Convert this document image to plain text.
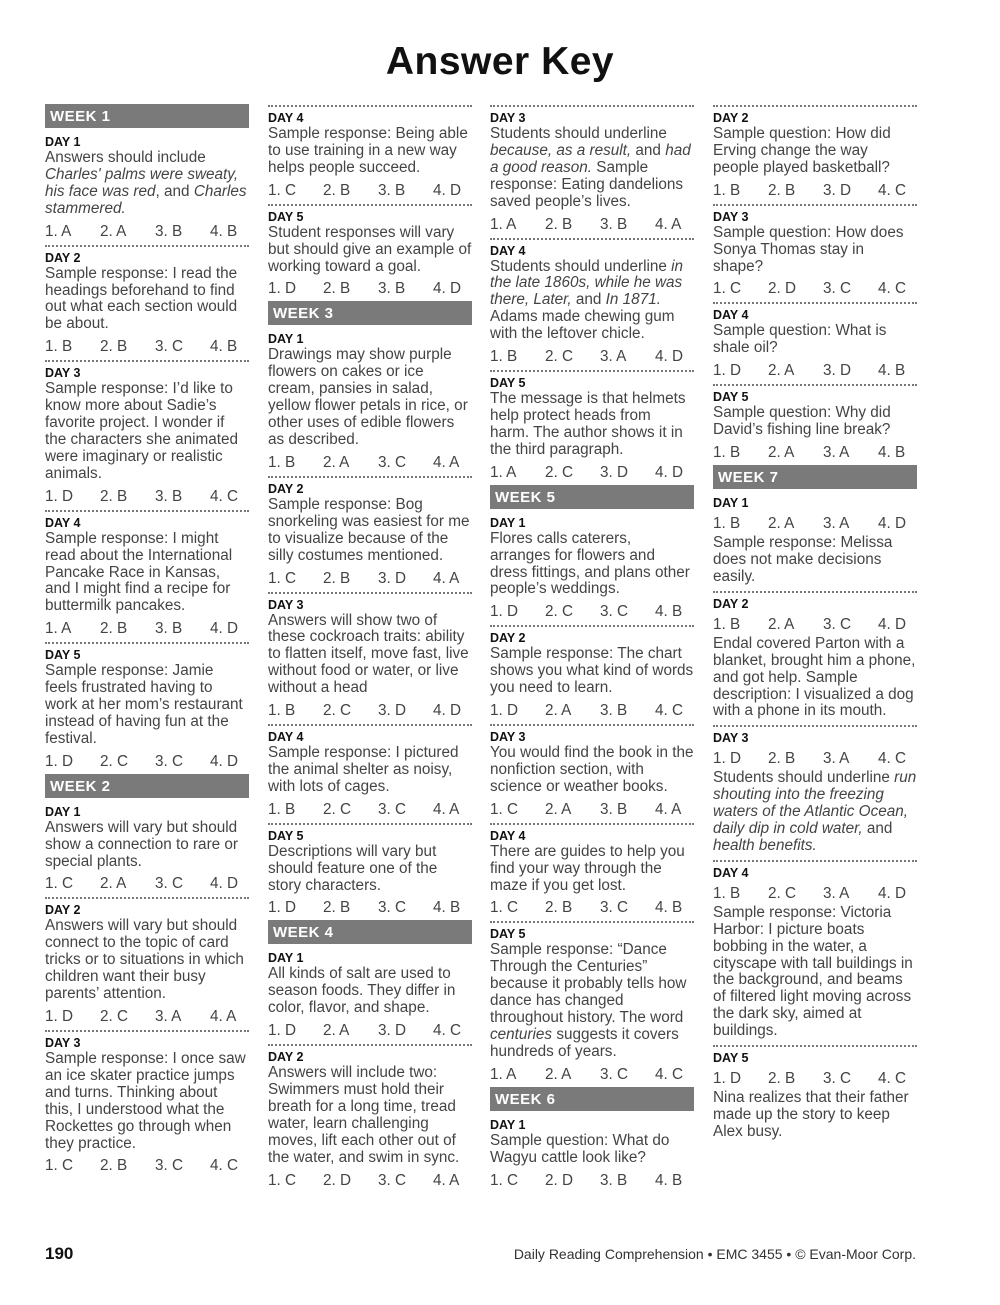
Answer Key
WEEK 1
DAY 1
Answers should include Charles' palms were sweaty, his face was red, and Charles stammered.
1. A	2. A	3. B	4. B
DAY 2
Sample response: I read the headings beforehand to find out what each section would be about.
1. B	2. B	3. C	4. B
DAY 3
Sample response: I’d like to know more about Sadie’s favorite project. I wonder if the characters she animated were imaginary or realistic animals.
1. D	2. B	3. B	4. C
DAY 4
Sample response: I might read about the International Pancake Race in Kansas, and I might find a recipe for buttermilk pancakes.
1. A	2. B	3. B	4. D
DAY 5
Sample response: Jamie feels frustrated having to work at her mom’s restaurant instead of having fun at the festival.
1. D	2. C	3. C	4. D
WEEK 2
DAY 1
Answers will vary but should show a connection to rare or special plants.
1. C	2. A	3. C	4. D
DAY 2
Answers will vary but should connect to the topic of card tricks or to situations in which children want their busy parents’ attention.
1. D	2. C	3. A	4. A
DAY 3
Sample response: I once saw an ice skater practice jumps and turns. Thinking about this, I understood what the Rockettes go through when they practice.
1. C	2. B	3. C	4. C
DAY 4
Sample response: Being able to use training in a new way helps people succeed.
1. C	2. B	3. B	4. D
DAY 5
Student responses will vary but should give an example of working toward a goal.
1. D	2. B	3. B	4. D
WEEK 3
DAY 1
Drawings may show purple flowers on cakes or ice cream, pansies in salad, yellow flower petals in rice, or other uses of edible flowers as described.
1. B	2. A	3. C	4. A
DAY 2
Sample response: Bog snorkeling was easiest for me to visualize because of the silly costumes mentioned.
1. C	2. B	3. D	4. A
DAY 3
Answers will show two of these cockroach traits: ability to flatten itself, move fast, live without food or water, or live without a head
1. B	2. C	3. D	4. D
DAY 4
Sample response: I pictured the animal shelter as noisy, with lots of cages.
1. B	2. C	3. C	4. A
DAY 5
Descriptions will vary but should feature one of the story characters.
1. D	2. B	3. C	4. B
WEEK 4
DAY 1
All kinds of salt are used to season foods. They differ in color, flavor, and shape.
1. D	2. A	3. D	4. C
DAY 2
Answers will include two: Swimmers must hold their breath for a long time, tread water, learn challenging moves, lift each other out of the water, and swim in sync.
1. C	2. D	3. C	4. A
DAY 3
Students should underline because, as a result, and had a good reason. Sample response: Eating dandelions saved people’s lives.
1. A	2. B	3. B	4. A
DAY 4
Students should underline in the late 1860s, while he was there, Later, and In 1871. Adams made chewing gum with the leftover chicle.
1. B	2. C	3. A	4. D
DAY 5
The message is that helmets help protect heads from harm. The author shows it in the third paragraph.
1. A	2. C	3. D	4. D
WEEK 5
DAY 1
Flores calls caterers, arranges for flowers and dress fittings, and plans other people’s weddings.
1. D	2. C	3. C	4. B
DAY 2
Sample response: The chart shows you what kind of words you need to learn.
1. D	2. A	3. B	4. C
DAY 3
You would find the book in the nonfiction section, with science or weather books.
1. C	2. A	3. B	4. A
DAY 4
There are guides to help you find your way through the maze if you get lost.
1. C	2. B	3. C	4. B
DAY 5
Sample response: “Dance Through the Centuries” because it probably tells how dance has changed throughout history. The word centuries suggests it covers hundreds of years.
1. A	2. A	3. C	4. C
WEEK 6
DAY 1
Sample question: What do Wagyu cattle look like?
1. C	2. D	3. B	4. B
DAY 2
Sample question: How did Erving change the way people played basketball?
1. B	2. B	3. D	4. C
DAY 3
Sample question: How does Sonya Thomas stay in shape?
1. C	2. D	3. C	4. C
DAY 4
Sample question: What is shale oil?
1. D	2. A	3. D	4. B
DAY 5
Sample question: Why did David’s fishing line break?
1. B	2. A	3. A	4. B
WEEK 7
DAY 1
1. B	2. A	3. A	4. D
Sample response: Melissa does not make decisions easily.
DAY 2
1. B	2. A	3. C	4. D
Endal covered Parton with a blanket, brought him a phone, and got help. Sample description: I visualized a dog with a phone in its mouth.
DAY 3
1. D	2. B	3. A	4. C
Students should underline run shouting into the freezing waters of the Atlantic Ocean, daily dip in cold water, and health benefits.
DAY 4
1. B	2. C	3. A	4. D
Sample response: Victoria Harbor: I picture boats bobbing in the water, a cityscape with tall buildings in the background, and beams of filtered light moving across the dark sky, aimed at buildings.
DAY 5
1. D	2. B	3. C	4. C
Nina realizes that their father made up the story to keep Alex busy.
190	Daily Reading Comprehension • EMC 3455 • © Evan-Moor Corp.
